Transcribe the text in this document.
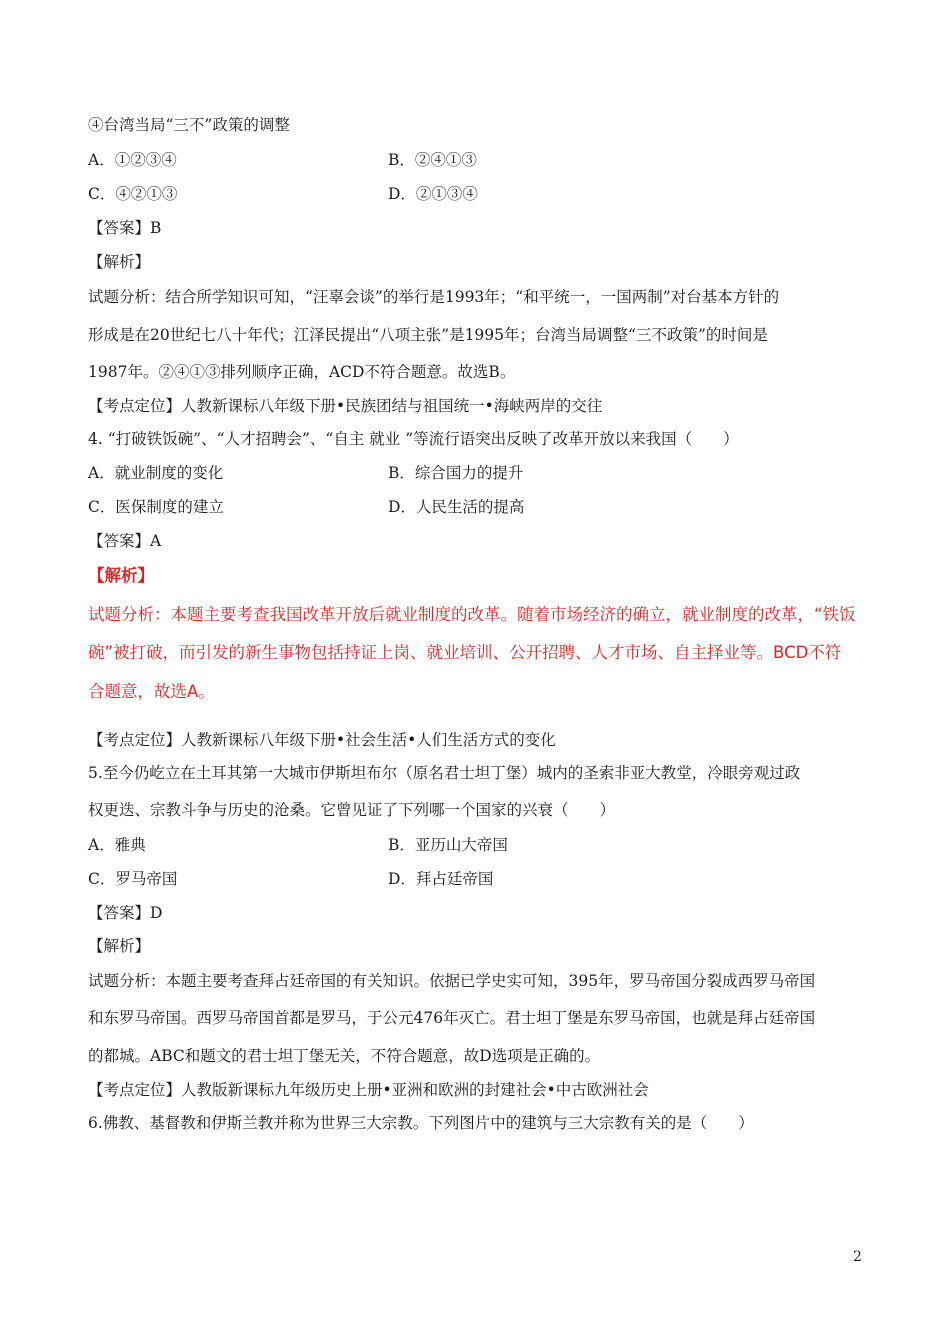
④台湾当局“三不”政策的调整
A．①②③④	B．②④①③
C．④②①③	D．②①③④
【答案】B
【解析】
试题分析：结合所学知识可知，“汪辜会谈”的举行是1993年；“和平统一，一国两制”对台基本方针的
形成是在20世纪七八十年代；江泽民提出“八项主张”是1995年；台湾当局调整“三不政策”的时间是
1987年。②④①③排列顺序正确，ACD不符合题意。故选B。
【考点定位】人教新课标八年级下册•民族团结与祖国统一•海峡两岸的交往
4. “打破铁饭碗”、“人才招聘会”、“自主 就业 ”等流行语突出反映了改革开放以来我国（　　）
A．就业制度的变化	B．综合国力的提升
C．医保制度的建立	D．人民生活的提高
【答案】A
【解析】
试题分析：本题主要考查我国改革开放后就业制度的改革。随着市场经济的确立，就业制度的改革，“铁饭
碗”被打破，而引发的新生事物包括持证上岗、就业培训、公开招聘、人才市场、自主择业等。BCD不符
合题意，故选A。
【考点定位】人教新课标八年级下册•社会生活•人们生活方式的变化
5.至今仍屹立在土耳其第一大城市伊斯坦布尔（原名君士坦丁堡）城内的圣索非亚大教堂，冷眼旁观过政
权更迭、宗教斗争与历史的沧桑。它曾见证了下列哪一个国家的兴衰（　　）
A．雅典	B．亚历山大帝国
C．罗马帝国	D．拜占廷帝国
【答案】D
【解析】
试题分析：本题主要考查拜占廷帝国的有关知识。依据已学史实可知，395年，罗马帝国分裂成西罗马帝国
和东罗马帝国。西罗马帝国首都是罗马，于公元476年灭亡。君士坦丁堡是东罗马帝国，也就是拜占廷帝国
的都城。ABC和题文的君士坦丁堡无关，不符合题意，故D选项是正确的。
【考点定位】人教版新课标九年级历史上册•亚洲和欧洲的封建社会•中古欧洲社会
6.佛教、基督教和伊斯兰教并称为世界三大宗教。下列图片中的建筑与三大宗教有关的是（　　）
2
